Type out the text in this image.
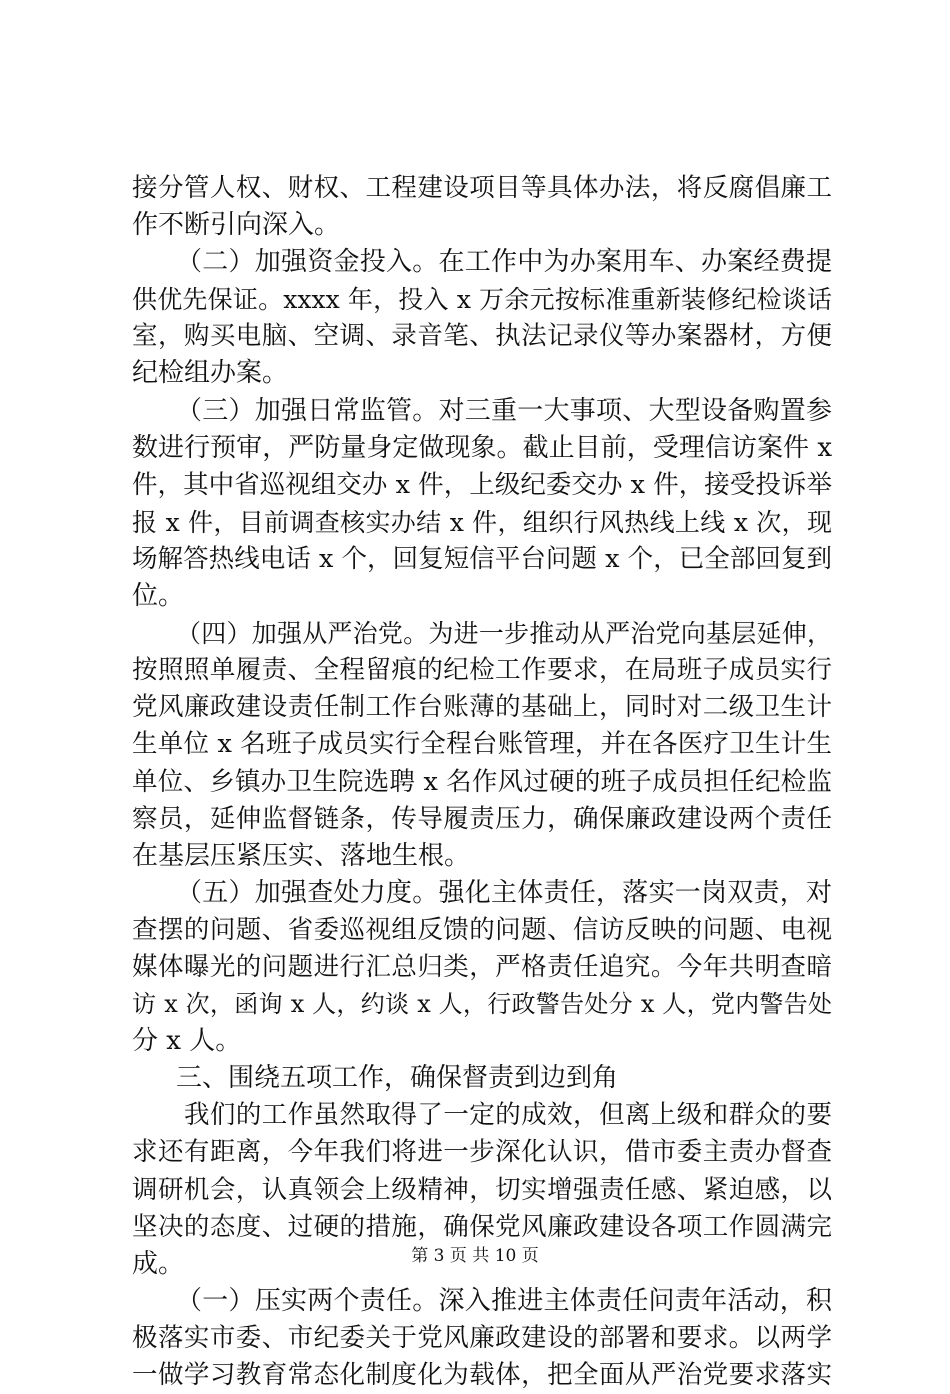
接分管人权、财权、工程建设项目等具体办法，将反腐倡廉工
作不断引向深入。
（二）加强资金投入。在工作中为办案用车、办案经费提
供优先保证。xxxx 年，投入 x 万余元按标准重新装修纪检谈话
室，购买电脑、空调、录音笔、执法记录仪等办案器材，方便
纪检组办案。
（三）加强日常监管。对三重一大事项、大型设备购置参
数进行预审，严防量身定做现象。截止目前，受理信访案件 x
件，其中省巡视组交办 x 件，上级纪委交办 x 件，接受投诉举
报 x 件，目前调查核实办结 x 件，组织行风热线上线 x 次，现
场解答热线电话 x 个，回复短信平台问题 x 个，已全部回复到
位。
（四）加强从严治党。为进一步推动从严治党向基层延伸，
按照照单履责、全程留痕的纪检工作要求，在局班子成员实行
党风廉政建设责任制工作台账薄的基础上，同时对二级卫生计
生单位 x 名班子成员实行全程台账管理，并在各医疗卫生计生
单位、乡镇办卫生院选聘 x 名作风过硬的班子成员担任纪检监
察员，延伸监督链条，传导履责压力，确保廉政建设两个责任
在基层压紧压实、落地生根。
（五）加强查处力度。强化主体责任，落实一岗双责，对
查摆的问题、省委巡视组反馈的问题、信访反映的问题、电视
媒体曝光的问题进行汇总归类，严格责任追究。今年共明查暗
访 x 次，函询 x 人，约谈 x 人，行政警告处分 x 人，党内警告处
分 x 人。
三、围绕五项工作，确保督责到边到角
我们的工作虽然取得了一定的成效，但离上级和群众的要
求还有距离，今年我们将进一步深化认识，借市委主责办督查
调研机会，认真领会上级精神，切实增强责任感、紧迫感，以
坚决的态度、过硬的措施，确保党风廉政建设各项工作圆满完
成。
（一）压实两个责任。深入推进主体责任问责年活动，积
极落实市委、市纪委关于党风廉政建设的部署和要求。以两学
一做学习教育常态化制度化为载体，把全面从严治党要求落实
第 3 页 共 10 页
